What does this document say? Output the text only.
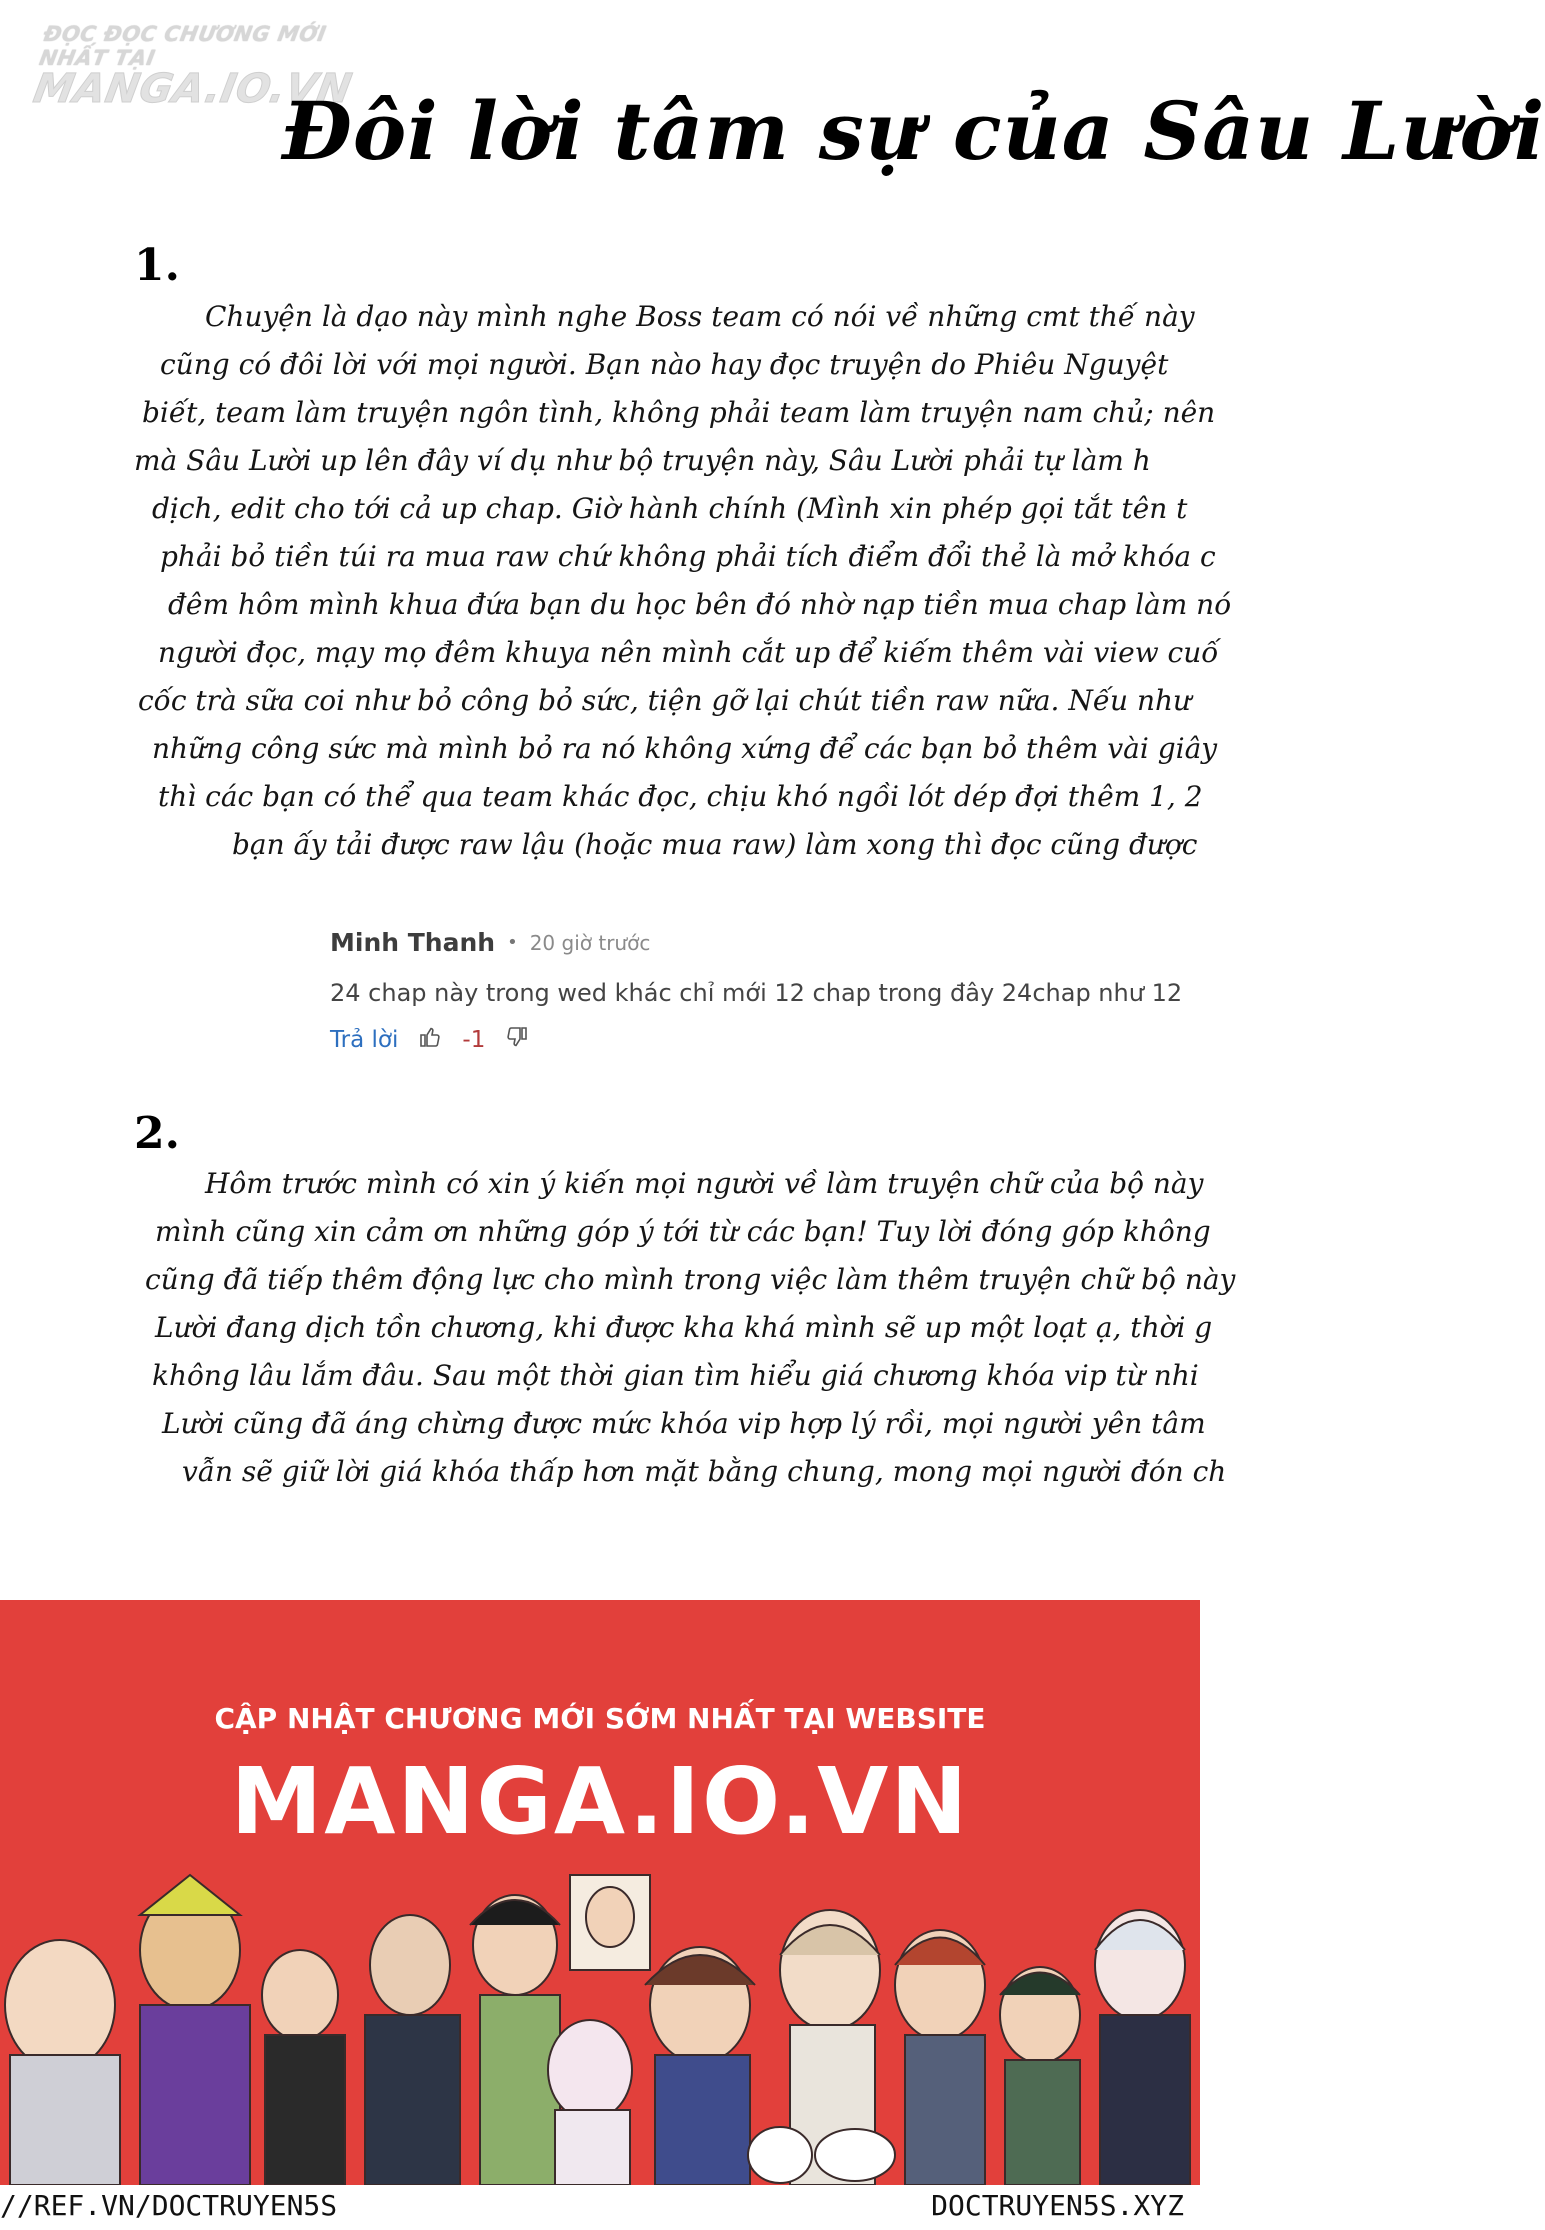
ĐỌC ĐỌC CHƯƠNG MỚI NHẤT TẠI
MANGA.IO.VN
Đôi lời tâm sự của Sâu Lười
1.
Chuyện là dạo này mình nghe Boss team có nói về những cmt thế này
cũng có đôi lời với mọi người. Bạn nào hay đọc truyện do Phiêu Nguyệt
biết, team làm truyện ngôn tình, không phải team làm truyện nam chủ; nên
mà Sâu Lười up lên đây ví dụ như bộ truyện này, Sâu Lười phải tự làm h
dịch, edit cho tới cả up chap. Giờ hành chính (Mình xin phép gọi tắt tên t
phải bỏ tiền túi ra mua raw chứ không phải tích điểm đổi thẻ là mở khóa c
đêm hôm mình khua đứa bạn du học bên đó nhờ nạp tiền mua chap làm nó
người đọc, mạy mọ đêm khuya nên mình cắt up để kiếm thêm vài view cuố
cốc trà sữa coi như bỏ công bỏ sức, tiện gỡ lại chút tiền raw nữa. Nếu như
những công sức mà mình bỏ ra nó không xứng để các bạn bỏ thêm vài giây
thì các bạn có thể qua team khác đọc, chịu khó ngồi lót dép đợi thêm 1, 2
bạn ấy tải được raw lậu (hoặc mua raw) làm xong thì đọc cũng được
Minh Thanh • 20 giờ trước
24 chap này trong wed khác chỉ mới 12 chap trong đây 24chap như 12
Trả lời	-1
2.
Hôm trước mình có xin ý kiến mọi người về làm truyện chữ của bộ này
mình cũng xin cảm ơn những góp ý tới từ các bạn! Tuy lời đóng góp không
cũng đã tiếp thêm động lực cho mình trong việc làm thêm truyện chữ bộ này
Lười đang dịch tồn chương, khi được kha khá mình sẽ up một loạt ạ, thời g
không lâu lắm đâu. Sau một thời gian tìm hiểu giá chương khóa vip từ nhi
Lười cũng đã áng chừng được mức khóa vip hợp lý rồi, mọi người yên tâm
vẫn sẽ giữ lời giá khóa thấp hơn mặt bằng chung, mong mọi người đón ch
CẬP NHẬT CHƯƠNG MỚI SỚM NHẤT TẠI WEBSITE
MANGA.IO.VN
//REF.VN/DOCTRUYEN5S	DOCTRUYEN5S.XYZ
